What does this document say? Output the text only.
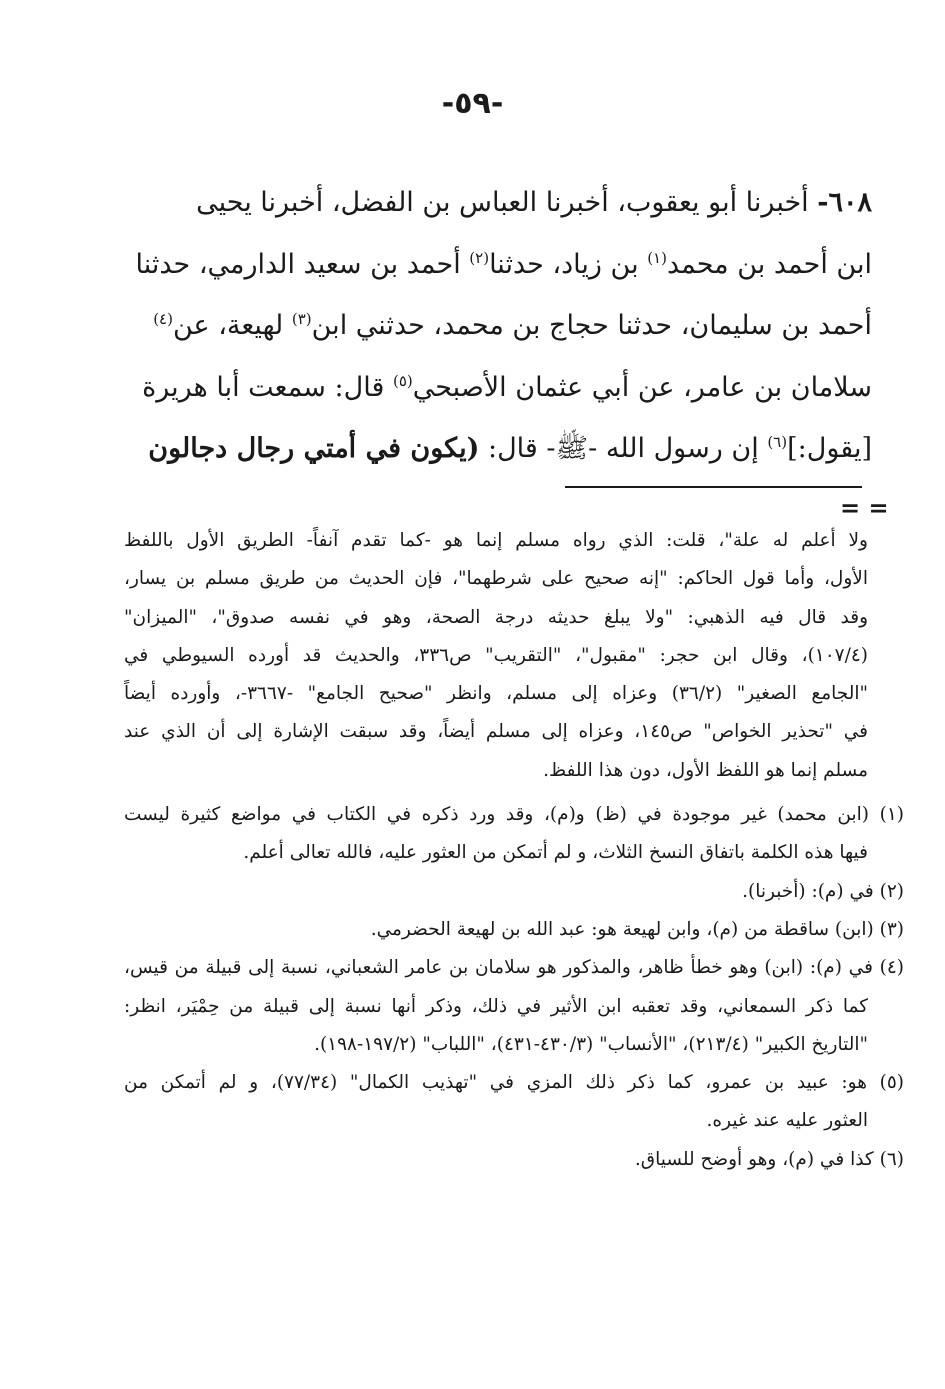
-٥٩-
٦٠٨- أخبرنا أبو يعقوب، أخبرنا العباس بن الفضل، أخبرنا يحيى
ابن أحمد بن محمد$^{(١)}$ بن زياد، حدثنا$^{(٢)}$ أحمد بن سعيد الدارمي، حدثنا
أحمد بن سليمان، حدثنا حجاج بن محمد، حدثني ابن$^{(٣)}$ لهيعة، عن$^{(٤)}$
سلامان بن عامر، عن أبي عثمان الأصبحي$^{(٥)}$ قال: سمعت أبا هريرة
[يقول:]$^{(٦)}$ إن رسول الله -ﷺ- قال: (يكون في أمتي رجال دجالون
= =
ولا أعلم له علة"، قلت: الذي رواه مسلم إنما هو -كما تقدم آنفاً- الطريق الأول باللفظ
الأول، وأما قول الحاكم: "إنه صحيح على شرطهما"، فإن الحديث من طريق مسلم بن يسار،
وقد قال فيه الذهبي: "ولا يبلغ حديثه درجة الصحة، وهو في نفسه صدوق"، "الميزان"
(١٠٧/٤)، وقال ابن حجر: "مقبول"، "التقريب" ص٣٣٦، والحديث قد أورده السيوطي في
"الجامع الصغير" (٣٦/٢) وعزاه إلى مسلم، وانظر "صحيح الجامع" -٣٦٦٧-، وأورده أيضاً
في "تحذير الخواص" ص١٤٥، وعزاه إلى مسلم أيضاً، وقد سبقت الإشارة إلى أن الذي عند
مسلم إنما هو اللفظ الأول، دون هذا اللفظ.
(١) (ابن محمد) غير موجودة في (ظ) و(م)، وقد ورد ذكره في الكتاب في مواضع كثيرة ليست
فيها هذه الكلمة باتفاق النسخ الثلاث، و لم أتمكن من العثور عليه، فالله تعالى أعلم.
(٢) في (م): (أخبرنا).
(٣) (ابن) ساقطة من (م)، وابن لهيعة هو: عبد الله بن لهيعة الحضرمي.
(٤) في (م): (ابن) وهو خطأ ظاهر، والمذكور هو سلامان بن عامر الشعباني، نسبة إلى قبيلة من قيس،
كما ذكر السمعاني، وقد تعقبه ابن الأثير في ذلك، وذكر أنها نسبة إلى قبيلة من حِمْيَر، انظر:
"التاريخ الكبير" (٢١٣/٤)، "الأنساب" (٤٣٠/٣-٤٣١)، "اللباب" (١٩٧/٢-١٩٨).
(٥) هو: عبيد بن عمرو، كما ذكر ذلك المزي في "تهذيب الكمال" (٧٧/٣٤)، و لم أتمكن من
العثور عليه عند غيره.
(٦) كذا في (م)، وهو أوضح للسياق.
